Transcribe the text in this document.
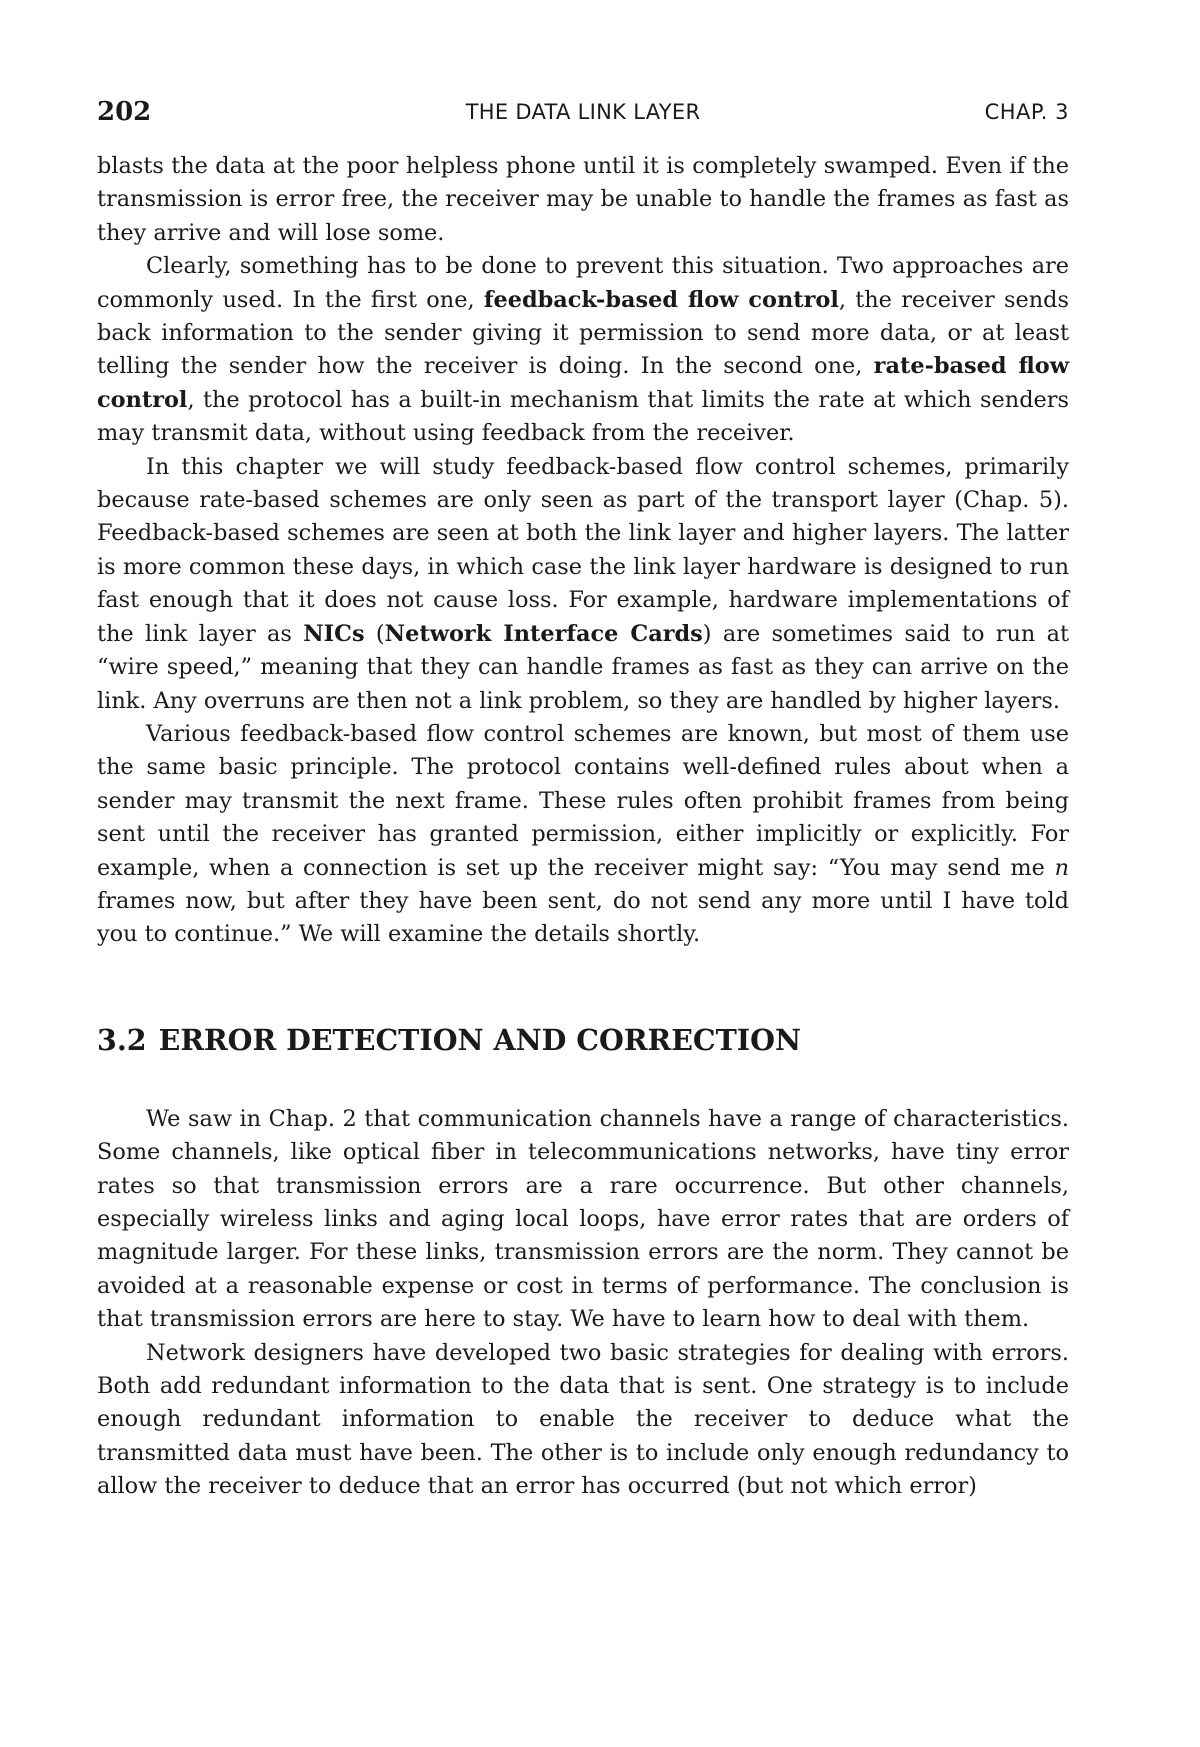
202	THE DATA LINK LAYER	CHAP. 3

blasts the data at the poor helpless phone until it is completely swamped. Even if the transmission is error free, the receiver may be unable to handle the frames as fast as they arrive and will lose some.

Clearly, something has to be done to prevent this situation. Two approaches are commonly used. In the first one, feedback-based flow control, the receiver sends back information to the sender giving it permission to send more data, or at least telling the sender how the receiver is doing. In the second one, rate-based flow control, the protocol has a built-in mechanism that limits the rate at which senders may transmit data, without using feedback from the receiver.

In this chapter we will study feedback-based flow control schemes, primarily because rate-based schemes are only seen as part of the transport layer (Chap. 5). Feedback-based schemes are seen at both the link layer and higher layers. The latter is more common these days, in which case the link layer hardware is designed to run fast enough that it does not cause loss. For example, hardware implementations of the link layer as NICs (Network Interface Cards) are sometimes said to run at “wire speed,” meaning that they can handle frames as fast as they can arrive on the link. Any overruns are then not a link problem, so they are handled by higher layers.

Various feedback-based flow control schemes are known, but most of them use the same basic principle. The protocol contains well-defined rules about when a sender may transmit the next frame. These rules often prohibit frames from being sent until the receiver has granted permission, either implicitly or explicitly. For example, when a connection is set up the receiver might say: “You may send me n frames now, but after they have been sent, do not send any more until I have told you to continue.” We will examine the details shortly.

3.2 ERROR DETECTION AND CORRECTION

We saw in Chap. 2 that communication channels have a range of characteristics. Some channels, like optical fiber in telecommunications networks, have tiny error rates so that transmission errors are a rare occurrence. But other channels, especially wireless links and aging local loops, have error rates that are orders of magnitude larger. For these links, transmission errors are the norm. They cannot be avoided at a reasonable expense or cost in terms of performance. The conclusion is that transmission errors are here to stay. We have to learn how to deal with them.

Network designers have developed two basic strategies for dealing with errors. Both add redundant information to the data that is sent. One strategy is to include enough redundant information to enable the receiver to deduce what the transmitted data must have been. The other is to include only enough redundancy to allow the receiver to deduce that an error has occurred (but not which error)
